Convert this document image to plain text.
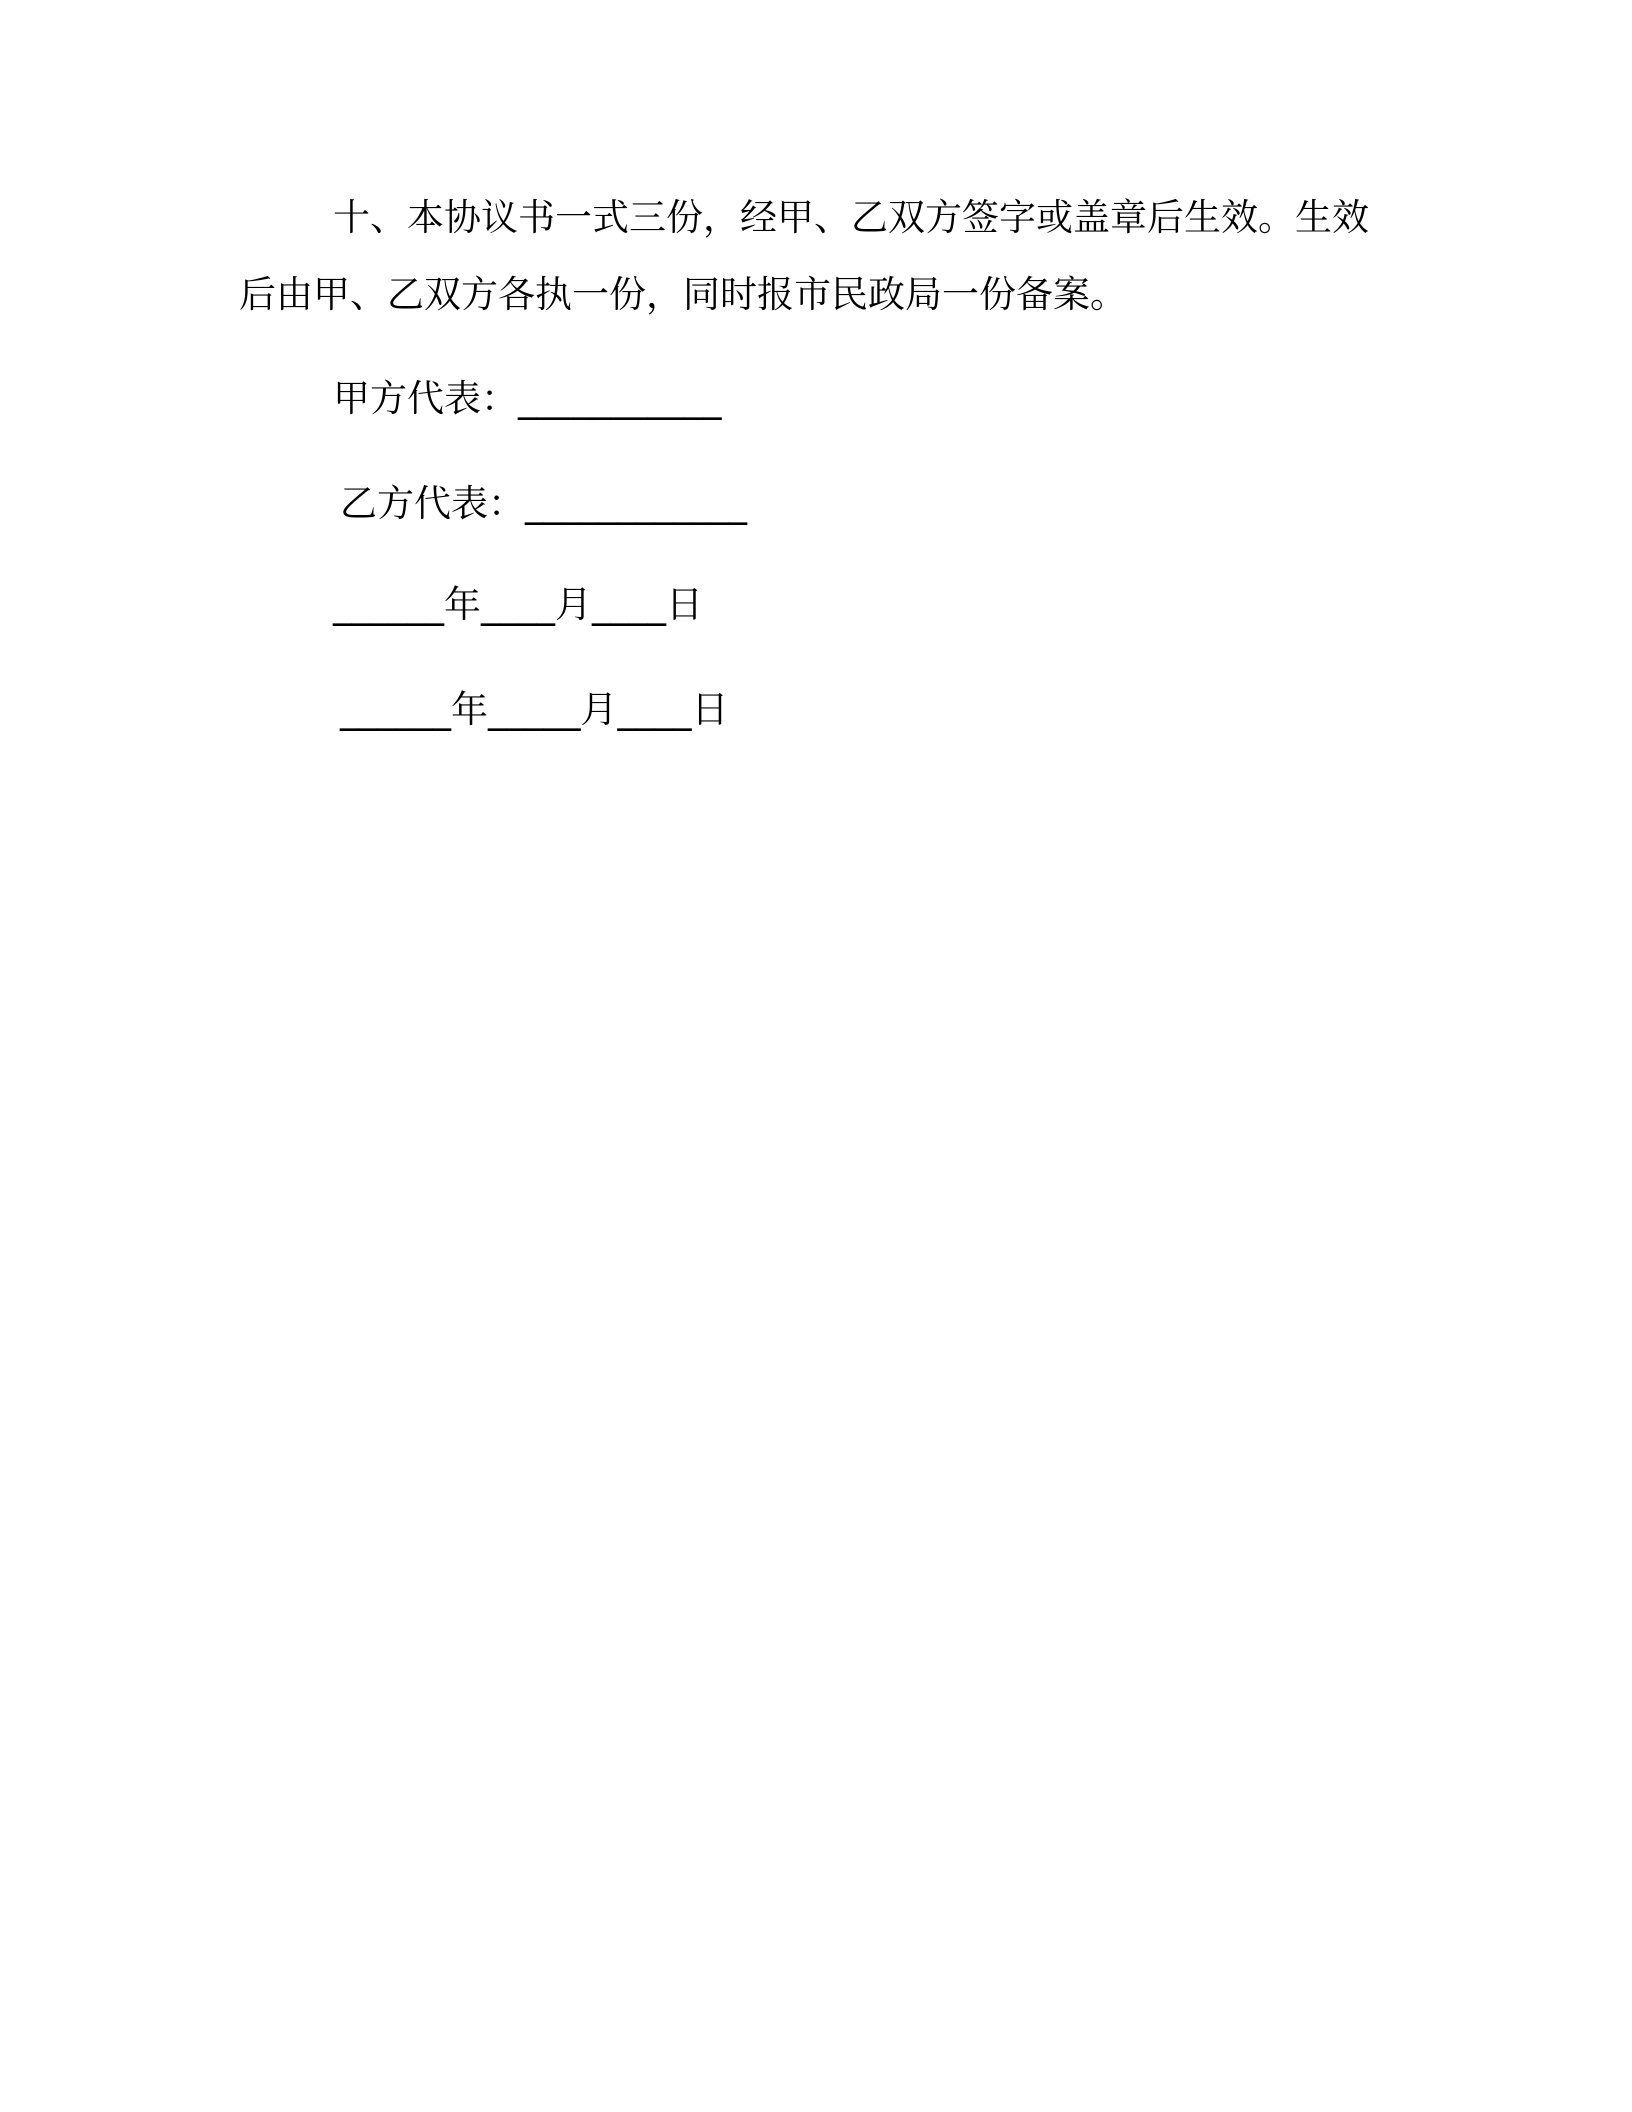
十、本协议书一式三份，经甲、乙双方签字或盖章后生效。生效
后由甲、乙双方各执一份，同时报市民政局一份备案。
甲方代表：___________
乙方代表：____________
______年____月____日
______年_____月____日
